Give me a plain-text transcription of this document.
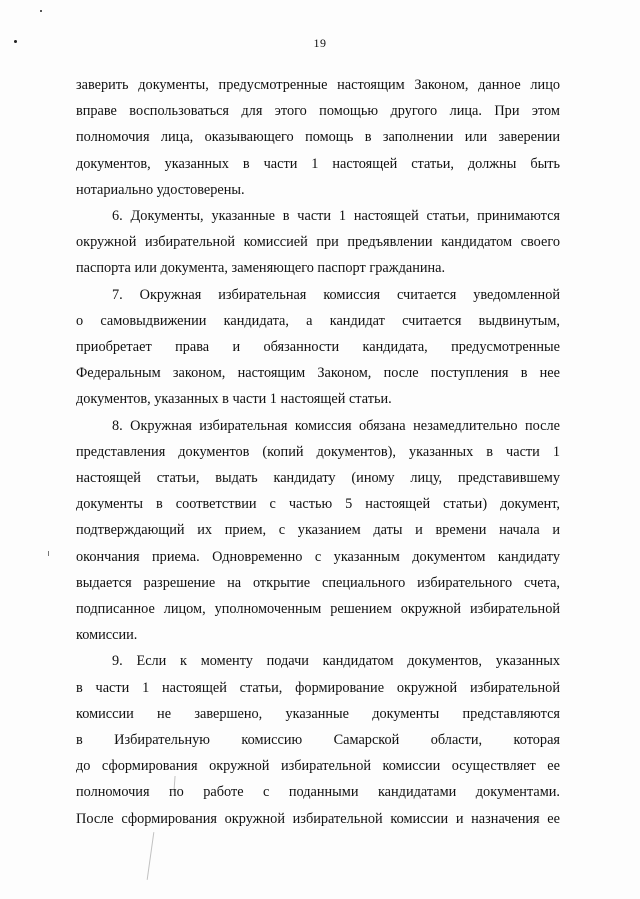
19

заверить документы, предусмотренные настоящим Законом, данное лицо
вправе воспользоваться для этого помощью другого лица. При этом
полномочия лица, оказывающего помощь в заполнении или заверении
документов, указанных в части 1 настоящей статьи, должны быть
нотариально удостоверены.

6. Документы, указанные в части 1 настоящей статьи, принимаются
окружной избирательной комиссией при предъявлении кандидатом своего
паспорта или документа, заменяющего паспорт гражданина.

7. Окружная избирательная комиссия считается уведомленной
о самовыдвижении кандидата, а кандидат считается выдвинутым,
приобретает права и обязанности кандидата, предусмотренные
Федеральным законом, настоящим Законом, после поступления в нее
документов, указанных в части 1 настоящей статьи.

8. Окружная избирательная комиссия обязана незамедлительно после
представления документов (копий документов), указанных в части 1
настоящей статьи, выдать кандидату (иному лицу, представившему
документы в соответствии с частью 5 настоящей статьи) документ,
подтверждающий их прием, с указанием даты и времени начала и
окончания приема. Одновременно с указанным документом кандидату
выдается разрешение на открытие специального избирательного счета,
подписанное лицом, уполномоченным решением окружной избирательной
комиссии.

9. Если к моменту подачи кандидатом документов, указанных
в части 1 настоящей статьи, формирование окружной избирательной
комиссии не завершено, указанные документы представляются
в Избирательную комиссию Самарской области, которая
до сформирования окружной избирательной комиссии осуществляет ее
полномочия по работе с поданными кандидатами документами.
После сформирования окружной избирательной комиссии и назначения ее
